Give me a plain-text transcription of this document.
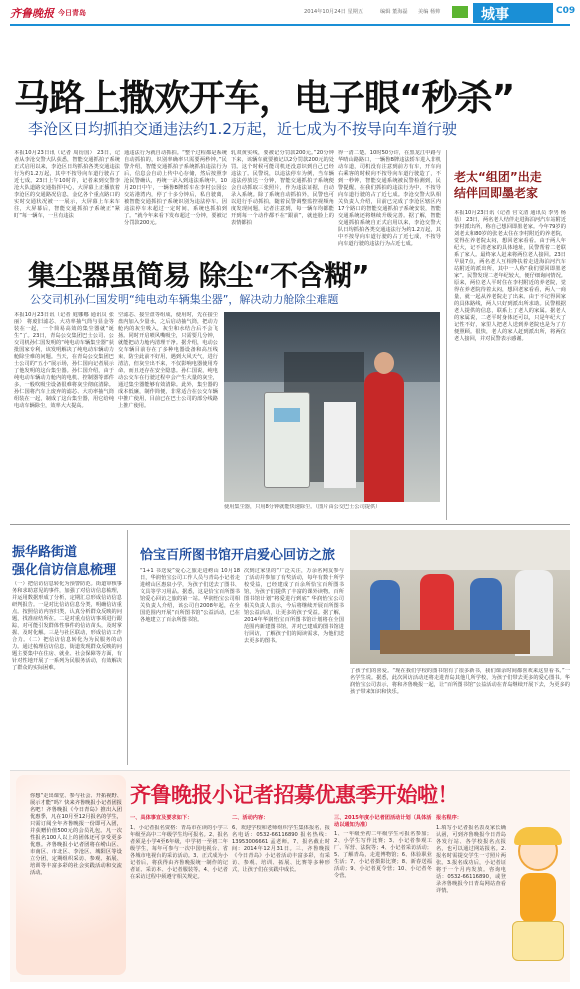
齐鲁晚报 今日青岛	2014年10月24日 星期五	编辑 董海磊 美编 杨帅	城事	C09
马路上撒欢开车，电子眼“秒杀”
李沧区日均抓拍交通违法约1.2万起，近七成为不按导向车道行驶
本报10月23日讯（记者 周衍国） 23日，记者从李沧交警大队获悉，智能交通抓拍子系统正式启用以来，李沧区日均抓拍各类交通违法行为约1.2万起，其中不按导向车道行驶占了近七成。23日上午10时许，记者来到交警李沧大队道路交通指挥中心，大屏幕上正播放着李沧区的交通路况信息，金亿各个重点路口的实时交通状况被一一展示，大屏幕上车来车往，大屏幕后，智能交通抓拍子系统正“紧盯”每一辆车，一旦有违法
通违法行为就自动抓拍。“整个过程都是系统自动抓拍的，识别率确率只需要两秒钟。”民警介绍，智能交通抓拍子系统抓拍违法行为后，信息会自动上传中心存储，然后按照李沧民警确认，再统一录入到违法系统中。10月20日中午，一辆鲁B牌轿车在李村公园公交站港湾内，停了十多分钟后，私自驶离，被智能交通抓拍子系统识别为违法停车。因违法停车未超过一定时间，系统也抓拍到了。“就今年来看下发布超过一分钟，要被记分罚款200元。
轧双黄实线，要被记分罚款200元。”20分钟下来，该辆车就要被记以2分罚款200元的处罚。这个时候可能司机还没意识到自己已经违法了。民警说，以违法停车为例，当车辆违法停放达一分钟，智能交通抓拍子系统便会自动抓取三张照片，作为违法证据，自动录入系统。除了系统自动抓拍外，民警也可以进行手动抓拍，随着民警调整监控视频角度发现问题，记者注意到，每一辆车均都能开到每一个动作都不在“跟前”，就连脸上的表情都拍
得一清二楚。10时50分许，在黑龙江中路与华晴山路路口，一辆鲁B牌违法轿车进入非机动车道，司机没有注意到前方有车，开车向右乘客的时候向不按导向车道行驶造了，不到一秒钟，智能交通系统被民警检测到，民警提醒，在我们抓拍的违法行为中，不按导向车道行驶的占了近七成。李沧交警大队相关负责人介绍，目前已完成了李沧区辖区内17个路口的智能交通抓拍子系统安装，智能交通系统还将继续升级完善。据了解，智能交通抓拍系统自正式启用以来，李沧交警大队日均抓拍各类交通违法行为约1.2万起，其中不按导向车道行驶的占了近七成，不按导向车道行驶的违法行为占近七成。
老太“组团”出走
结伴回即墨老家
本报10月23日讯（记者 官文清 通讯员 李男 杨蓓） 23日，两名老人结伴走进海泊河汽车站附近李村派出所，称自己想回即墨老家。今年79岁的刘老太和80岁的张老太住在李村附近的养老院，觉得在养老院太闷，想回老家看看。由于两人年纪大，记不清老家的具体地址，民警帮着二老联系了家人。最终家人赶来将两位老人接回。23日早晨7点，两名老人互相搀扶着走进海泊河汽车站附近的派出所，其中一人称“我们要回即墨老家”。民警发现二老年纪较大，便仔细询问情况。原来，两位老人平时住在李村附近的养老院，觉得在养老院待着太闷，想回老家看看，两人一商量，就一起从养老院走了出来。由于不记得回家的具体路线，两人只好到派出所求助。民警根据老人提供的信息，联系上了老人的家属。据老人的家属说，二老平时身体还可以，只是年纪大了记性不好，家里人把老人送到养老院也是为了方便照顾。很快，老人的家人赶到派出所，将两位老人接回，并对民警表示感谢。
集尘器虽简易 除尘“不含糊”
公交司机孙仁国发明“纯电动车辆集尘器”，解决动力舱除尘难题
本报10月23日讯（记者 庭娜娜 通讯员 张丽） 将废旧滤芯、大功率抽气筒与显金等装在一起，一个简易高效的集尘器就“诞生”了。23日，青岛公交集团巴士公司、公交司机孙仁国发明的“纯电动车辆集尘器”获批国家专利，该发明解决了纯电动车辆动力舱除尘难的问题。当天，在青岛公交集团巴士公司的“五小”展示场，孙仁国向记者展示了他发明的这台集尘器。孙仁国介绍，由于纯电动车辆动力舱内的电机、控制器等部件多，一般吹吸尘设备很难将灰尘彻底清除。孙仁国将汽车上废弃的滤芯、大功率抽气筒组装在一起，制成了这台集尘器，用它给纯电动车辆除尘，效率大大提高。
空滤芯、接尘盘等组成，使用时，先在接尘盘内加入少量水，之后启动抽气筒，把动力舱内的灰尘吸入，灰尘和水结合后不会飞扬。同时开启喷风嘴吸尘，只需要几分钟，就能把动力舱内清理干净。据介绍，电动公交车辆目前存在了多种电器设备和高压线束，防尘此前不好用，遇到大风天气，进行清洁，但灰尘出不来，不仅影响电器使用寿命，而且还存在安全隐患。孙仁国说，纯电动公交车在行驶过程中会产生大量的灰尘，通过集尘器能够有效清除。此外，集尘器的成本低廉，制作简便，非常适合在公交车辆中推广使用，目前已在巴士公司的部分线路上推广使用。
使用集尘器，只用8分钟就能快速除尘。（图片由公交巴士公司提供）
振华路街道
强化信访信息梳理
（一）把信访信息转化为预警防范。街道审核事务和求助意见的事件，加强了对信访信息梳理，并运用数据形成了分析，定期汇总形成信访信息研判报告。一是对比信访信息分类，明确信访重点。按照信访内容归类，认真分析群众反映的问题，找准症结所在。二是对重点信访事项进行跟踪，对可能引发群体性事件的信访苗头，及时掌握、及时化解。三是与社区联动，形成信访工作合力。（二）把信访信息转化为为民服务的动力。通过梳理信访信息，街道发现群众反映的问题主要集中在住房、就业、社会保障等方面，有针对性地开展了一系列为民服务活动，有效解决了群众的实际困难。
恰宝百所图书馆开启爱心回访之旅
“1+1 书送爱”爱心之旅走进崂山 10月18日，华润怡宝公司工作人员与青岛小记者走进崂山区惠泉小学，为孩子们送去了图书、文具等学习用品。据悉，这是恰宝百所图书馆爱心回访之旅的第一站。华润怡宝公司相关负责人介绍，该公司自2008年起，在全国范围内开展“百所图书馆”公益活动，已在各地建立了百余所图书馆。
次到过家里的“广泛关注，万余名网友参与了活动并参加了有奖活动，每年有数十所学校受益，已经建成了百余所恰宝百所图书馆，为孩子们提供了丰富的课外读物。百所图书馆计划“将爱进行到底” 华润怡宝公司相关负责人表示，今后将继续开展百所图书馆公益活动，让更多的孩子受益。据了解，2014年华润怡宝百所图书馆计划将在全国范围内新建图书馆，并对已建成的图书馆进行回访，了解孩子们的阅读需求，为他们送去更多的图书。
了孩子们的喜爱。“现在我们学校的图书馆有了很多新书，我们课余时间都喜欢来这里看书。”一名学生说。据悉，此次回访活动还将走进青岛其他几所学校，为孩子们带去更多的爱心图书。华润怡宝公司表示，将和齐鲁晚报一起，让“百所图书馆”公益活动在青岛继续开展下去，为更多的孩子带来知识和快乐。
你想“走出课堂、参与社会、开拓视野、展示才能”吗？快来齐鲁晚报小记者团报名吧！齐鲁晚报《今日青岛》推出入团优惠季，凡在10月至12月报名的学生，只需订阅全年齐鲁晚报一份即可入团，并获赠价值500元的会员礼包。凡一次性报名100人以上的团体还可享受更多优惠。齐鲁晚报小记者团将在崂山区、市南区、市北区、李沧区、城阳区等设立分团，定期组织采访、参观、拓展、培训等丰富多彩的社会实践活动和交流活动。
齐鲁晚报小记者招募优惠季开始啦！
一、具体事宜及要求如下：
1、小记者报名资格：青岛市在读的小学三年级至高中二年级学生均可报名。2、报名者须是小学4至6年级，中学初一至初二年级学生，每年可参与一次中国电视台、省各城市电视台的采访活动。3、正式成为小记者后，将获得由齐鲁晚报统一制作的记者证、采访本、小记者服装等。4、小记者在采访过程中须遵守相关规定。
二、活动内容：
6、欢迎学校和老师组织学生集体报名，报名电话：0532-66116890 报名热线：13953006661 孟老师。7、报名截止时间：2014年12月31日。三、齐鲁晚报《今日青岛》小记者活动丰富多彩，有采访、参观、培训、拓展、比赛等多种形式，让孩子们在实践中成长。
三、2015年度小记者团活动计划（具体活动以通知为准）
1、一年级至初二年级学生可报名参加；2、小学生写作比赛；3、小记者参观工厂、军营、法院等；4、小记者采访活动；5、了解青岛，走进博物馆；6、体验职业生活；7、小记者摄影比赛；8、新春送福活动；9、小记者夏令营；10、小记者冬令营。
报名程序：
1.填写小记者报名表及家长确认函，可到齐鲁晚报今日青岛各发行站、各学校报名点报名，也可以通过网站报名。2.报名时需提交学生一寸照片两张。3.报名成功后，小记者证将于一个月内发放。咨询电话：0532-66116890，或登录齐鲁晚报今日青岛网站查看详情。
